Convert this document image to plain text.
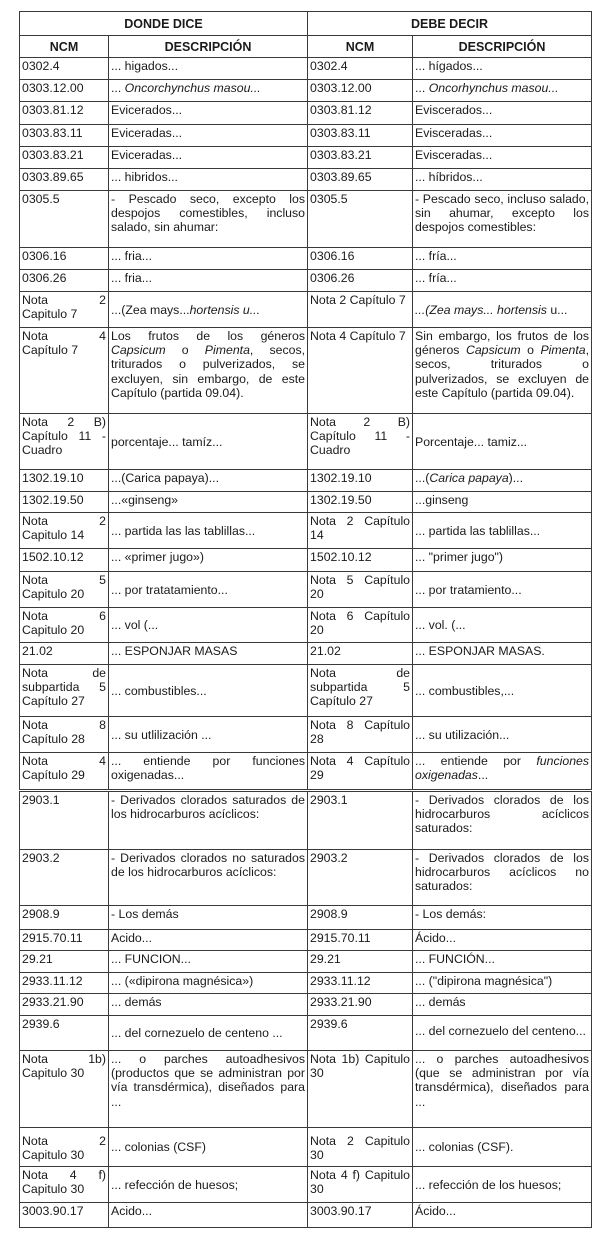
DONDE DICE		DEBE DECIR	
NCM	DESCRIPCIÓN	NCM	DESCRIPCIÓN
0302.4	... higados...	0302.4	... hígados...
0303.12.00	... Oncorchynchus masou...	0303.12.00	... Oncorhynchus masou...
0303.81.12	Evicerados...	0303.81.12	Eviscerados...
0303.83.11	Eviceradas...	0303.83.11	Evisceradas...
0303.83.21	Eviceradas...	0303.83.21	Evisceradas...
0303.89.65	... hibridos...	0303.89.65	... híbridos...
0305.5	- Pescado seco, excepto los despojos comestibles, incluso salado, sin ahumar:	0305.5	- Pescado seco, incluso salado, sin ahumar, excepto los despojos comestibles:
0306.16	... fria...	0306.16	... fría...
0306.26	... fria...	0306.26	... fría...
Nota 2 Capitulo 7	...(Zea mays...hortensis u...	Nota 2 Capítulo 7	...(Zea mays... hortensis u...
Nota 4 Capítulo 7	Los frutos de los géneros Capsicum o Pimenta, secos, triturados o pulverizados, se excluyen, sin embargo, de este Capítulo (partida 09.04).	Nota 4 Capítulo 7	Sin embargo, los frutos de los géneros Capsicum o Pimenta, secos, triturados o pulverizados, se excluyen de este Capítulo (partida 09.04).
Nota 2 B) Capítulo 11 - Cuadro	porcentaje... tamíz...	Nota 2 B) Capítulo 11 - Cuadro	Porcentaje... tamiz...
1302.19.10	...(Carica papaya)...	1302.19.10	...(Carica papaya)...
1302.19.50	...«ginseng»	1302.19.50	...ginseng
Nota 2 Capitulo 14	... partida las las tablillas...	Nota 2 Capítulo 14	... partida las tablillas...
1502.10.12	... «primer jugo»)	1502.10.12	... "primer jugo")
Nota 5 Capitulo 20	... por tratatamiento...	Nota 5 Capítulo 20	... por tratamiento...
Nota 6 Capitulo 20	... vol (...	Nota 6 Capítulo 20	... vol. (...
21.02	... ESPONJAR MASAS	21.02	... ESPONJAR MASAS.
Nota de subpartida 5 Capítulo 27	... combustibles...	Nota de subpartida 5 Capítulo 27	... combustibles,...
Nota 8 Capítulo 28	... su utlilización ...	Nota 8 Capítulo 28	... su utilización...
Nota 4 Capítulo 29	... entiende por funciones oxigenadas...	Nota 4 Capítulo 29	... entiende por funciones oxigenadas...
2903.1	- Derivados clorados saturados de los hidrocarburos acíclicos:	2903.1	- Derivados clorados de los hidrocarburos acíclicos saturados:
2903.2	- Derivados clorados no saturados de los hidrocarburos acíclicos:	2903.2	- Derivados clorados de los hidrocarburos acíclicos no saturados:
2908.9	- Los demás	2908.9	- Los demás:
2915.70.11	Acido...	2915.70.11	Ácido...
29.21	... FUNCION...	29.21	... FUNCIÓN...
2933.11.12	... («dipirona magnésica»)	2933.11.12	... ("dipirona magnésica")
2933.21.90	... demás	2933.21.90	... demás
2939.6	... del cornezuelo de centeno ...	2939.6	... del cornezuelo del centeno...
Nota 1b) Capitulo 30	... o parches autoadhesivos (productos que se administran por vía transdérmica), diseñados para ...	Nota 1b) Capitulo 30	... o parches autoadhesivos (que se administran por vía transdérmica), diseñados para ...
Nota 2 Capitulo 30	... colonias (CSF)	Nota 2 Capitulo 30	... colonias (CSF).
Nota 4 f) Capitulo 30	... refección de huesos;	Nota 4 f) Capitulo 30	... refección de los huesos;
3003.90.17	Acido...	3003.90.17	Ácido...
